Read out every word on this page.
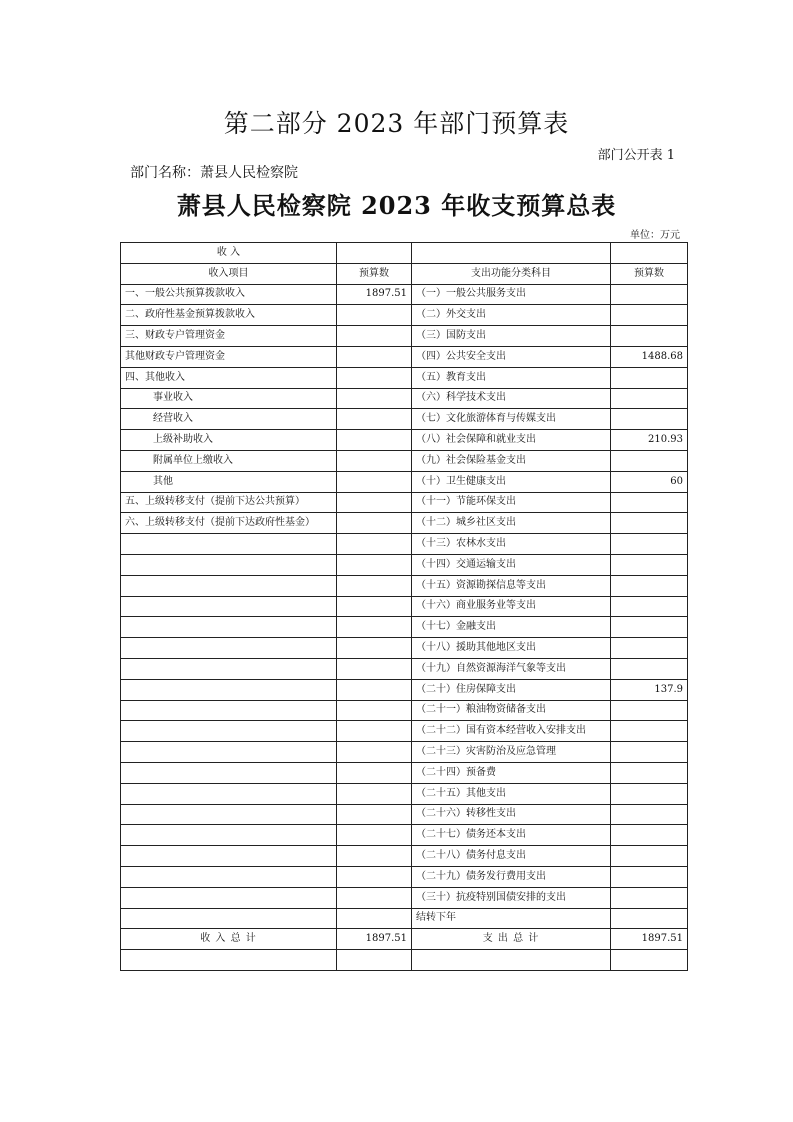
第二部分 2023 年部门预算表
部门公开表 1
部门名称：萧县人民检察院
萧县人民检察院 2023 年收支预算总表
单位：万元
收 入			
收入项目	预算数	支出功能分类科目	预算数
一、一般公共预算拨款收入	1897.51	（一）一般公共服务支出	
二、政府性基金预算拨款收入		（二）外交支出	
三、财政专户管理资金		（三）国防支出	
其他财政专户管理资金		（四）公共安全支出	1488.68
四、其他收入		（五）教育支出	
事业收入		（六）科学技术支出	
经营收入		（七）文化旅游体育与传媒支出	
上级补助收入		（八）社会保障和就业支出	210.93
附属单位上缴收入		（九）社会保险基金支出	
其他		（十）卫生健康支出	60
五、上级转移支付（提前下达公共预算）		（十一）节能环保支出	
六、上级转移支付（提前下达政府性基金）		（十二）城乡社区支出	
		（十三）农林水支出	
		（十四）交通运输支出	
		（十五）资源勘探信息等支出	
		（十六）商业服务业等支出	
		（十七）金融支出	
		（十八）援助其他地区支出	
		（十九）自然资源海洋气象等支出	
		（二十）住房保障支出	137.9
		（二十一）粮油物资储备支出	
		（二十二）国有资本经营收入安排支出	
		（二十三）灾害防治及应急管理	
		（二十四）预备费	
		（二十五）其他支出	
		（二十六）转移性支出	
		（二十七）债务还本支出	
		（二十八）债务付息支出	
		（二十九）债务发行费用支出	
		（三十）抗疫特别国债安排的支出	
		结转下年	
收 入 总 计	1897.51	支 出 总 计	1897.51
